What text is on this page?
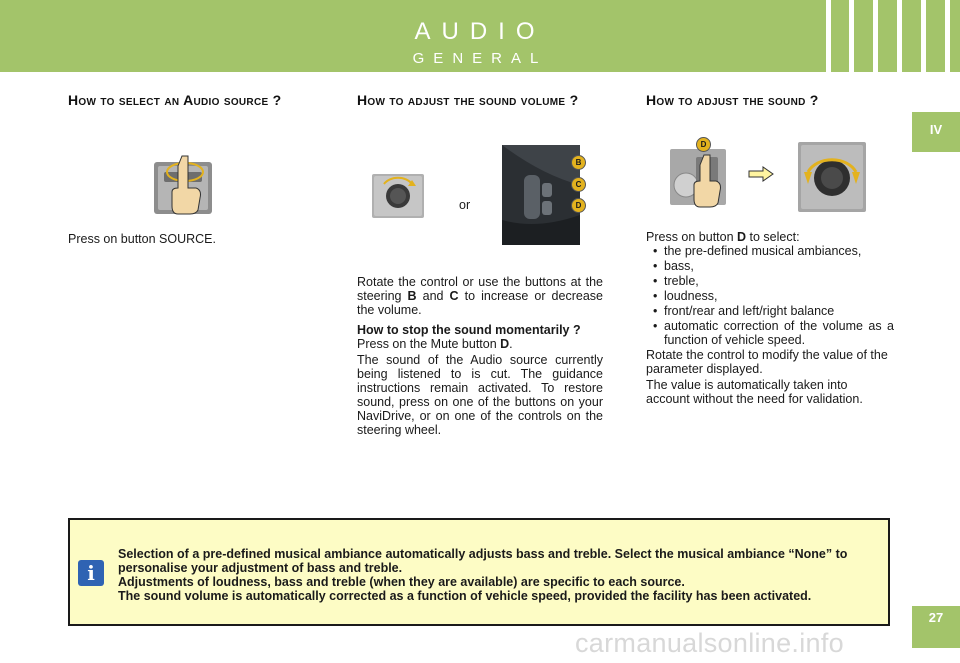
AUDIO
GENERAL
IV
27
How to select an Audio source ?
Press on button SOURCE.
How to adjust the sound volume ?
or
B
C
D

Rotate the control or use the buttons at the steering B and C to increase or decrease the volume.

How to stop the sound momentarily ?

Press on the Mute button D.

The sound of the Audio source currently being listened to is cut. The guidance instructions remain activated. To restore sound, press on one of the buttons on your NaviDrive, or on one of the controls on the steering wheel.

How to adjust the sound ?
D
Press on button D to select:
• the pre-defined musical ambiances,
• bass,
• treble,
• loudness,
• front/rear and left/right balance
• automatic correction of the volume as a function of vehicle speed.
Rotate the control to modify the value of the parameter displayed.
The value is automatically taken into account without the need for validation.
i

Selection of a pre-defined musical ambiance automatically adjusts bass and treble. Select the musical ambiance “None” to personalise your adjustment of bass and treble.

Adjustments of loudness, bass and treble (when they are available) are specific to each source.

The sound volume is automatically corrected as a function of vehicle speed, provided the facility has been activated.

carmanualsonline.info
